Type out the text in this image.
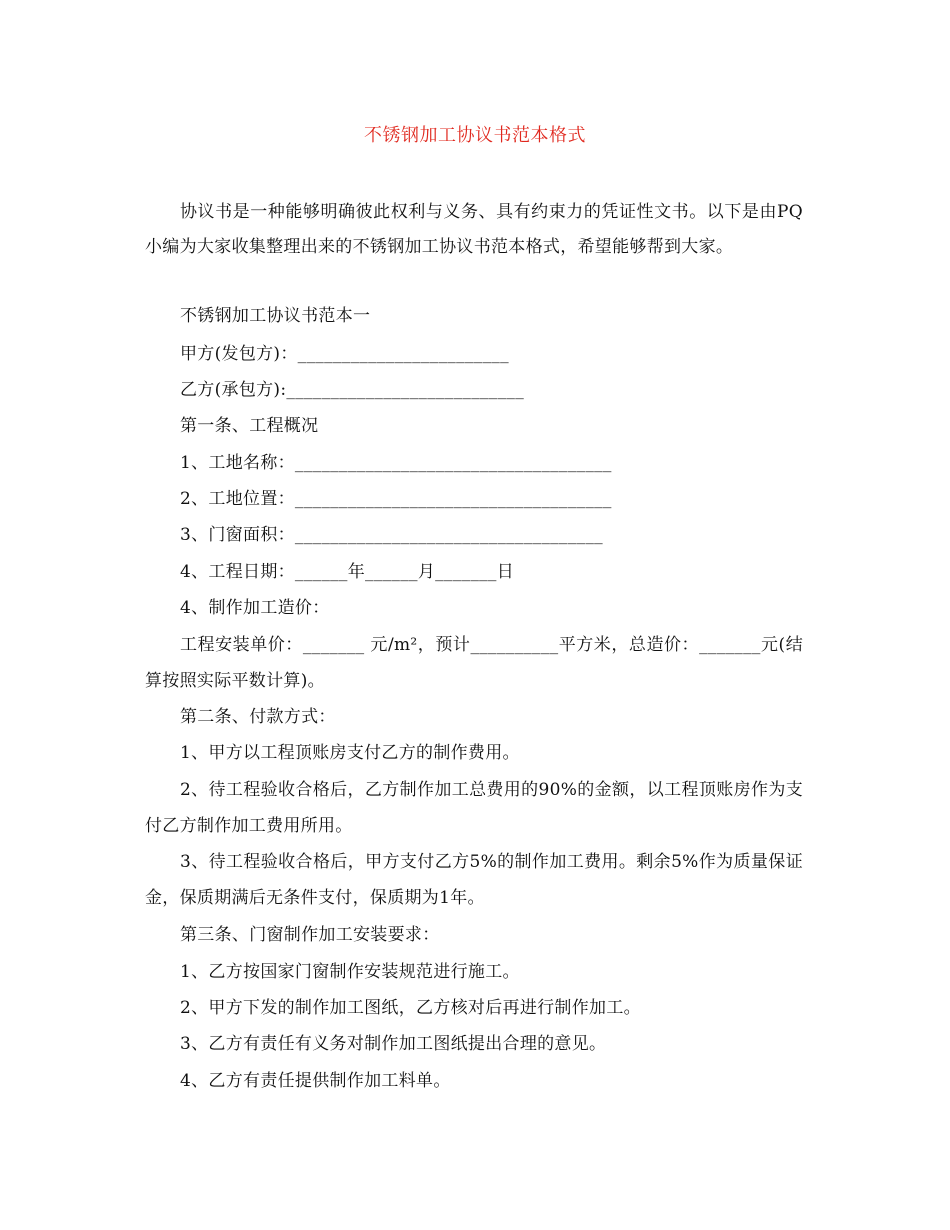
不锈钢加工协议书范本格式
协议书是一种能够明确彼此权利与义务、具有约束力的凭证性文书。以下是由PQ小编为大家收集整理出来的不锈钢加工协议书范本格式，希望能够帮到大家。
不锈钢加工协议书范本一
甲方(发包方)：________________________
乙方(承包方):___________________________
第一条、工程概况
1、工地名称：____________________________________
2、工地位置：____________________________________
3、门窗面积：___________________________________
4、工程日期：______年______月_______日
4、制作加工造价：
工程安装单价：_______ 元/m²，预计__________平方米，总造价：_______元(结算按照实际平数计算)。
第二条、付款方式：
1、甲方以工程顶账房支付乙方的制作费用。
2、待工程验收合格后，乙方制作加工总费用的90%的金额，以工程顶账房作为支付乙方制作加工费用所用。
3、待工程验收合格后，甲方支付乙方5%的制作加工费用。剩余5%作为质量保证金，保质期满后无条件支付，保质期为1年。
第三条、门窗制作加工安装要求：
1、乙方按国家门窗制作安装规范进行施工。
2、甲方下发的制作加工图纸，乙方核对后再进行制作加工。
3、乙方有责任有义务对制作加工图纸提出合理的意见。
4、乙方有责任提供制作加工料单。
